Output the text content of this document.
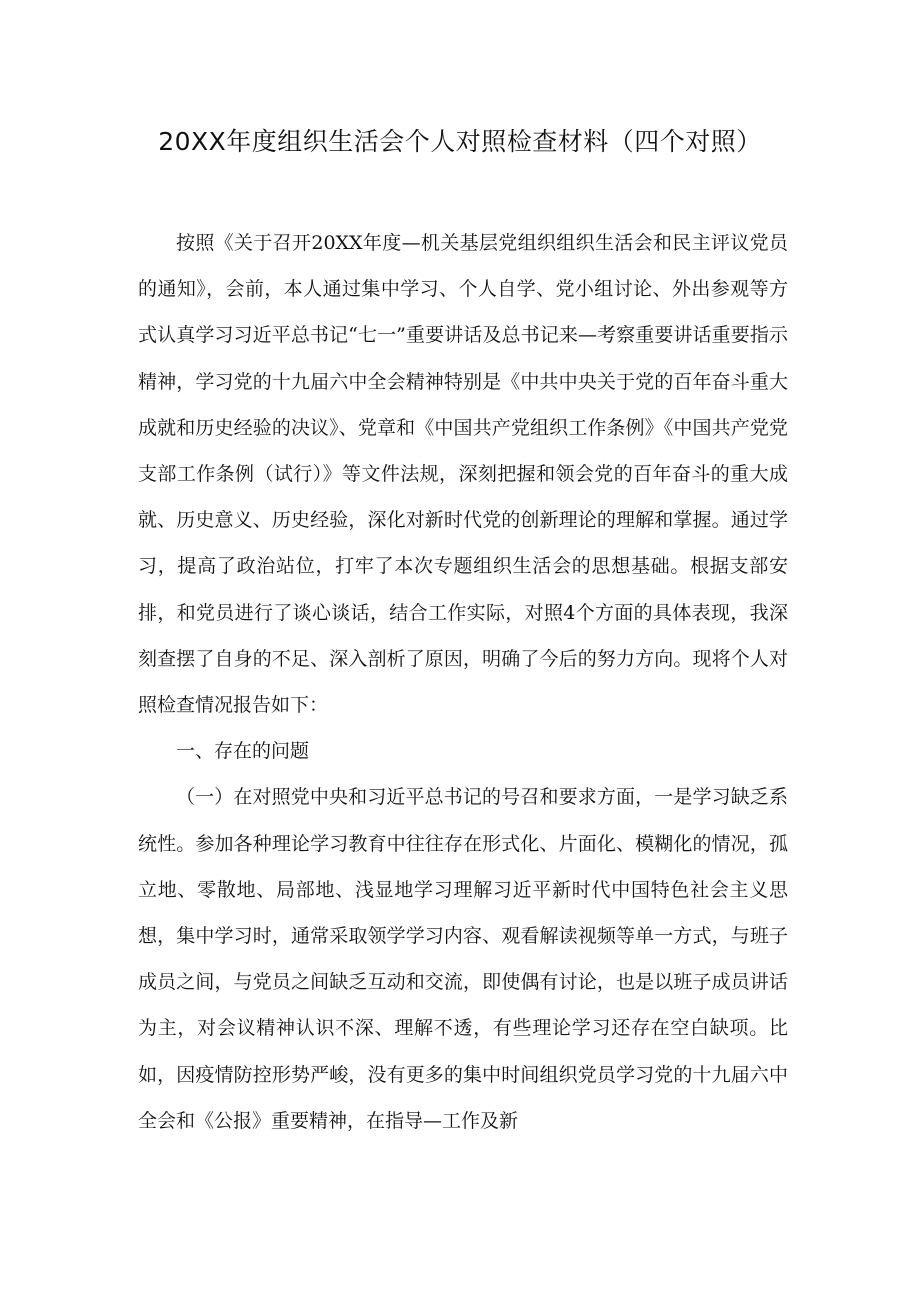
20XX年度组织生活会个人对照检查材料（四个对照）

按照《关于召开20XX年度—机关基层党组织组织生活会和民主评议党员的通知》，会前，本人通过集中学习、个人自学、党小组讨论、外出参观等方式认真学习习近平总书记“七一”重要讲话及总书记来—考察重要讲话重要指示精神，学习党的十九届六中全会精神特别是《中共中央关于党的百年奋斗重大成就和历史经验的决议》、党章和《中国共产党组织工作条例》《中国共产党党支部工作条例（试行）》等文件法规，深刻把握和领会党的百年奋斗的重大成就、历史意义、历史经验，深化对新时代党的创新理论的理解和掌握。通过学习，提高了政治站位，打牢了本次专题组织生活会的思想基础。根据支部安排，和党员进行了谈心谈话，结合工作实际，对照4个方面的具体表现，我深刻查摆了自身的不足、深入剖析了原因，明确了今后的努力方向。现将个人对照检查情况报告如下：

一、存在的问题

（一）在对照党中央和习近平总书记的号召和要求方面，一是学习缺乏系统性。参加各种理论学习教育中往往存在形式化、片面化、模糊化的情况，孤立地、零散地、局部地、浅显地学习理解习近平新时代中国特色社会主义思想，集中学习时，通常采取领学学习内容、观看解读视频等单一方式，与班子成员之间，与党员之间缺乏互动和交流，即使偶有讨论，也是以班子成员讲话为主，对会议精神认识不深、理解不透，有些理论学习还存在空白缺项。比如，因疫情防控形势严峻，没有更多的集中时间组织党员学习党的十九届六中全会和《公报》重要精神，在指导—工作及新
